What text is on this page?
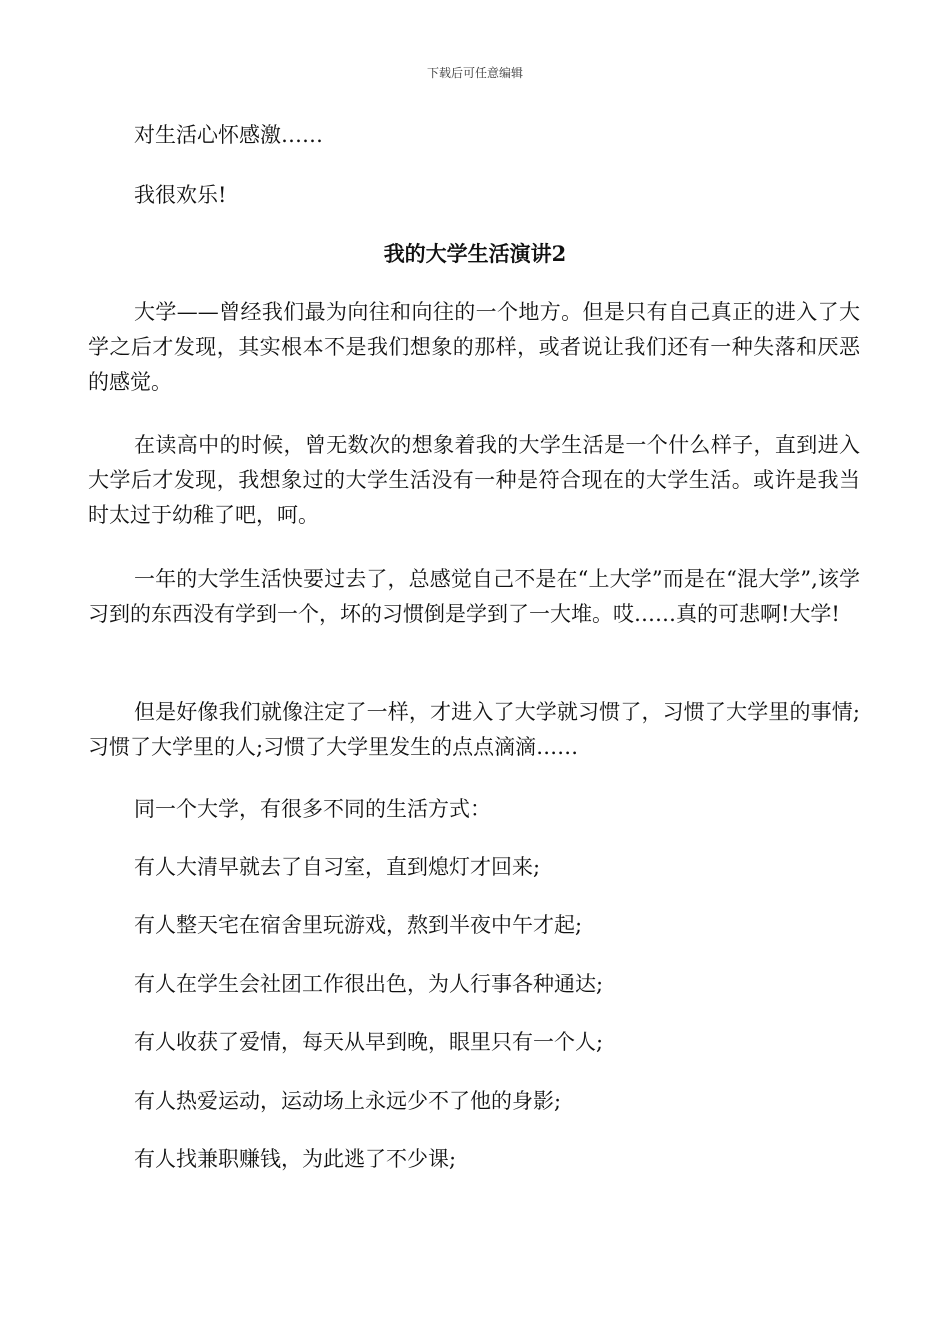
下载后可任意编辑

对生活心怀感激……

我很欢乐!

我的大学生活演讲2

大学——曾经我们最为向往和向往的一个地方。但是只有自己真正的进入了大学之后才发现，其实根本不是我们想象的那样，或者说让我们还有一种失落和厌恶的感觉。

在读高中的时候，曾无数次的想象着我的大学生活是一个什么样子，直到进入大学后才发现，我想象过的大学生活没有一种是符合现在的大学生活。或许是我当时太过于幼稚了吧，呵。

一年的大学生活快要过去了，总感觉自己不是在“上大学”而是在“混大学”,该学习到的东西没有学到一个，坏的习惯倒是学到了一大堆。哎……真的可悲啊!大学!

但是好像我们就像注定了一样，才进入了大学就习惯了，习惯了大学里的事情;习惯了大学里的人;习惯了大学里发生的点点滴滴……

同一个大学，有很多不同的生活方式：

有人大清早就去了自习室，直到熄灯才回来;

有人整天宅在宿舍里玩游戏，熬到半夜中午才起;

有人在学生会社团工作很出色，为人行事各种通达;

有人收获了爱情，每天从早到晚，眼里只有一个人;

有人热爱运动，运动场上永远少不了他的身影;

有人找兼职赚钱，为此逃了不少课;
